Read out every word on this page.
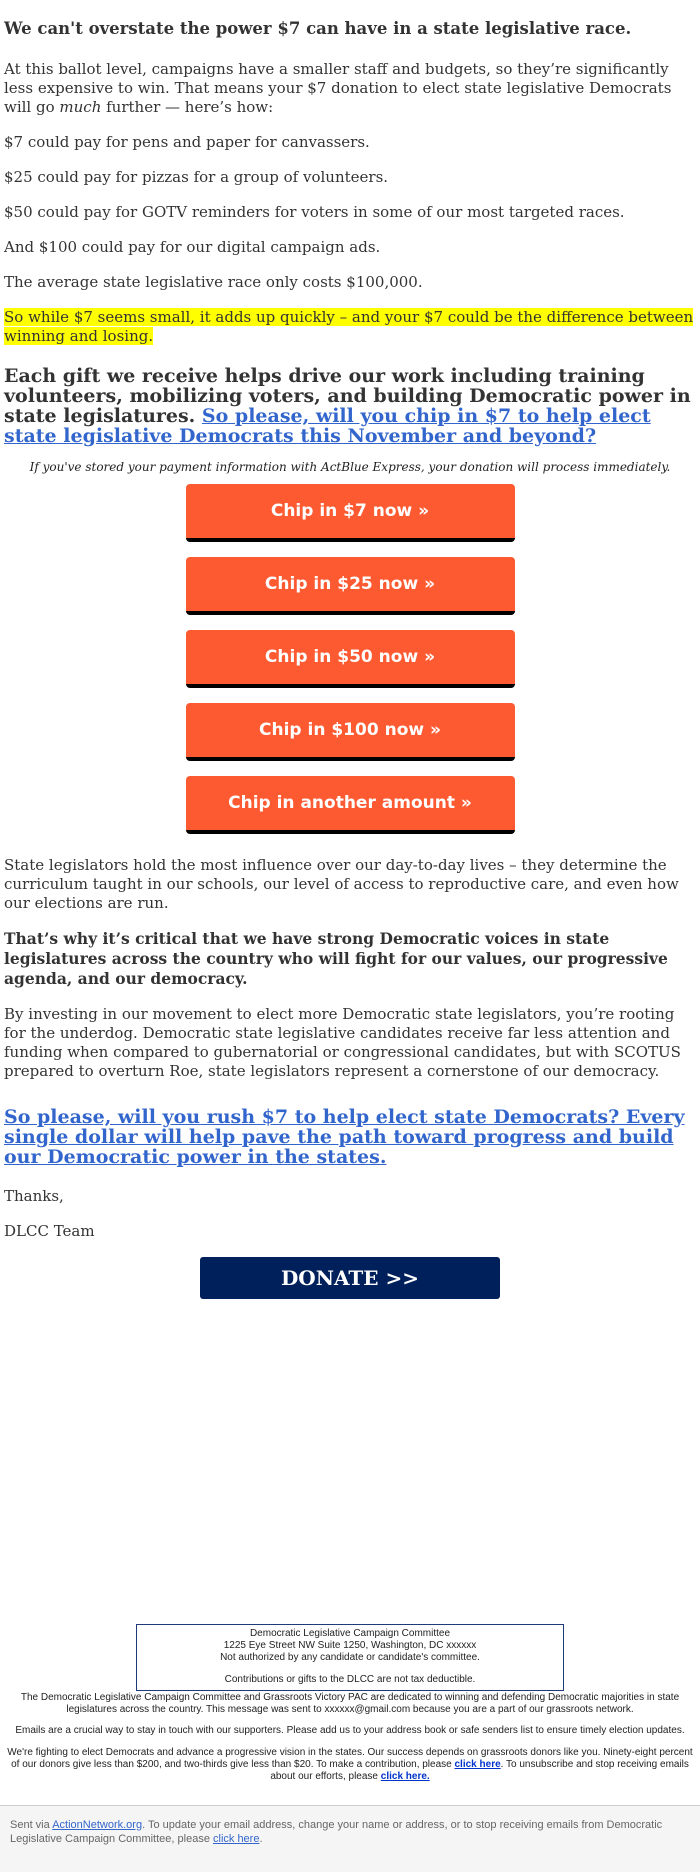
We can't overstate the power $7 can have in a state legislative race.

At this ballot level, campaigns have a smaller staff and budgets, so they’re significantly less expensive to win. That means your $7 donation to elect state legislative Democrats will go much further — here’s how:

$7 could pay for pens and paper for canvassers.

$25 could pay for pizzas for a group of volunteers.

$50 could pay for GOTV reminders for voters in some of our most targeted races.

And $100 could pay for our digital campaign ads.

The average state legislative race only costs $100,000.

So while $7 seems small, it adds up quickly – and your $7 could be the difference between winning and losing.

Each gift we receive helps drive our work including training volunteers, mobilizing voters, and building Democratic power in state legislatures. So please, will you chip in $7 to help elect state legislative Democrats this November and beyond?
If you've stored your payment information with ActBlue Express, your donation will process immediately.
Chip in $7 now »
Chip in $25 now »
Chip in $50 now »
Chip in $100 now »
Chip in another amount »

State legislators hold the most influence over our day-to-day lives – they determine the curriculum taught in our schools, our level of access to reproductive care, and even how our elections are run.

That’s why it’s critical that we have strong Democratic voices in state legislatures across the country who will fight for our values, our progressive agenda, and our democracy.

By investing in our movement to elect more Democratic state legislators, you’re rooting for the underdog. Democratic state legislative candidates receive far less attention and funding when compared to gubernatorial or congressional candidates, but with SCOTUS prepared to overturn Roe, state legislators represent a cornerstone of our democracy.

So please, will you rush $7 to help elect state Democrats? Every single dollar will help pave the path toward progress and build our Democratic power in the states.

Thanks,

DLCC Team

DONATE >>
Democratic Legislative Campaign Committee
1225 Eye Street NW Suite 1250, Washington, DC xxxxxx
Not authorized by any candidate or candidate's committee.
Contributions or gifts to the DLCC are not tax deductible.
The Democratic Legislative Campaign Committee and Grassroots Victory PAC are dedicated to winning and defending Democratic majorities in state legislatures across the country. This message was sent to xxxxxx@gmail.com because you are a part of our grassroots network.
Emails are a crucial way to stay in touch with our supporters. Please add us to your address book or safe senders list to ensure timely election updates.
We're fighting to elect Democrats and advance a progressive vision in the states. Our success depends on grassroots donors like you. Ninety-eight percent of our donors give less than $200, and two-thirds give less than $20. To make a contribution, please click here. To unsubscribe and stop receiving emails about our efforts, please click here.
Sent via ActionNetwork.org. To update your email address, change your name or address, or to stop receiving emails from Democratic Legislative Campaign Committee, please click here.
